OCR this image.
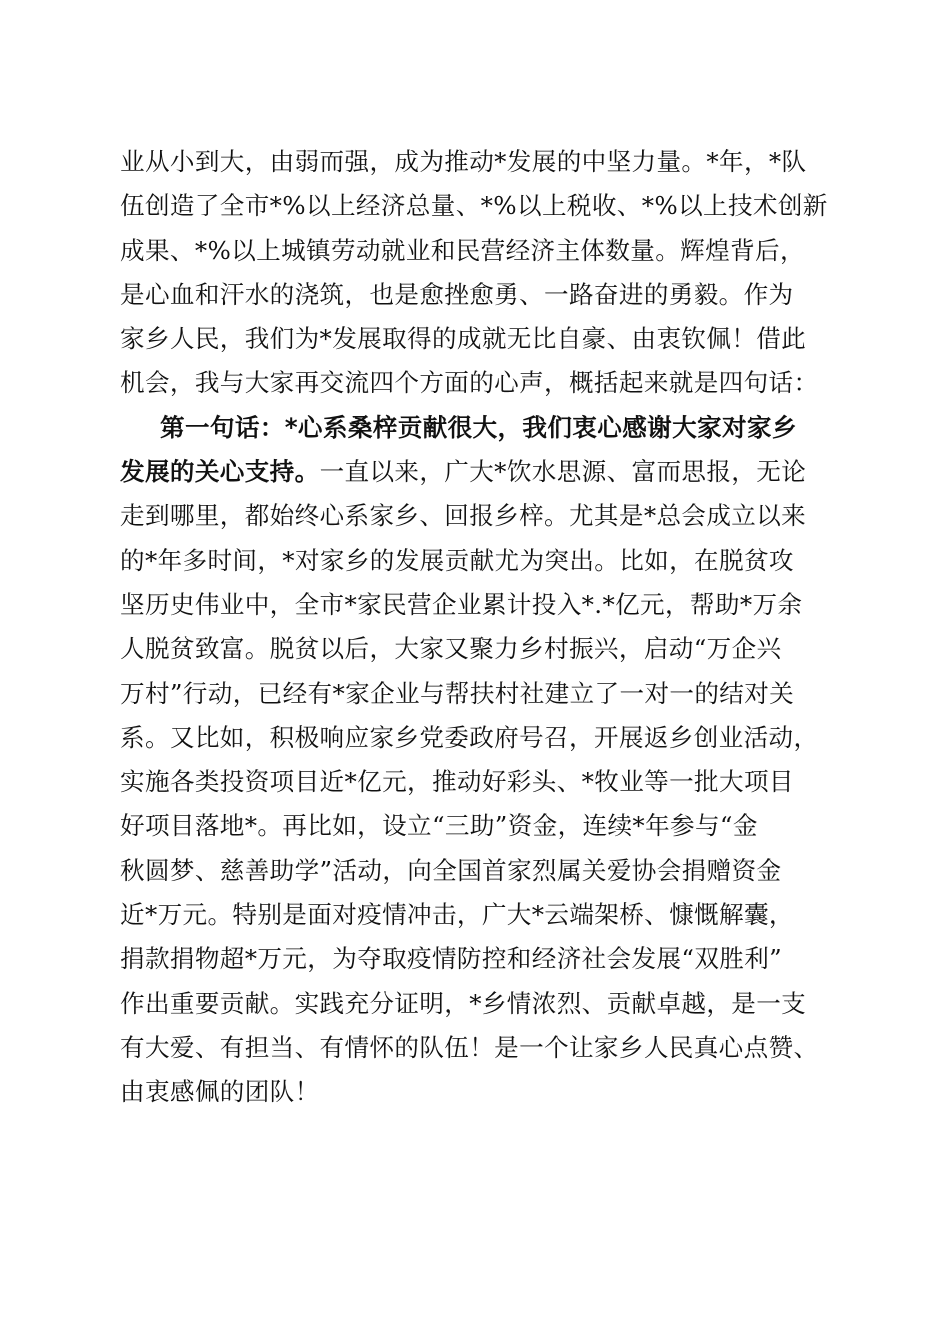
业从小到大，由弱而强，成为推动*发展的中坚力量。*年，*队
伍创造了全市*%以上经济总量、*%以上税收、*%以上技术创新
成果、*%以上城镇劳动就业和民营经济主体数量。辉煌背后，
是心血和汗水的浇筑，也是愈挫愈勇、一路奋进的勇毅。作为
家乡人民，我们为*发展取得的成就无比自豪、由衷钦佩！借此
机会，我与大家再交流四个方面的心声，概括起来就是四句话：
第一句话：*心系桑梓贡献很大，我们衷心感谢大家对家乡
发展的关心支持。一直以来，广大*饮水思源、富而思报，无论
走到哪里，都始终心系家乡、回报乡梓。尤其是*总会成立以来
的*年多时间，*对家乡的发展贡献尤为突出。比如，在脱贫攻
坚历史伟业中，全市*家民营企业累计投入*.*亿元，帮助*万余
人脱贫致富。脱贫以后，大家又聚力乡村振兴，启动“万企兴
万村”行动，已经有*家企业与帮扶村社建立了一对一的结对关
系。又比如，积极响应家乡党委政府号召，开展返乡创业活动，
实施各类投资项目近*亿元，推动好彩头、*牧业等一批大项目
好项目落地*。再比如，设立“三助”资金，连续*年参与“金
秋圆梦、慈善助学”活动，向全国首家烈属关爱协会捐赠资金
近*万元。特别是面对疫情冲击，广大*云端架桥、慷慨解囊，
捐款捐物超*万元，为夺取疫情防控和经济社会发展“双胜利”
作出重要贡献。实践充分证明，*乡情浓烈、贡献卓越，是一支
有大爱、有担当、有情怀的队伍！是一个让家乡人民真心点赞、
由衷感佩的团队！
